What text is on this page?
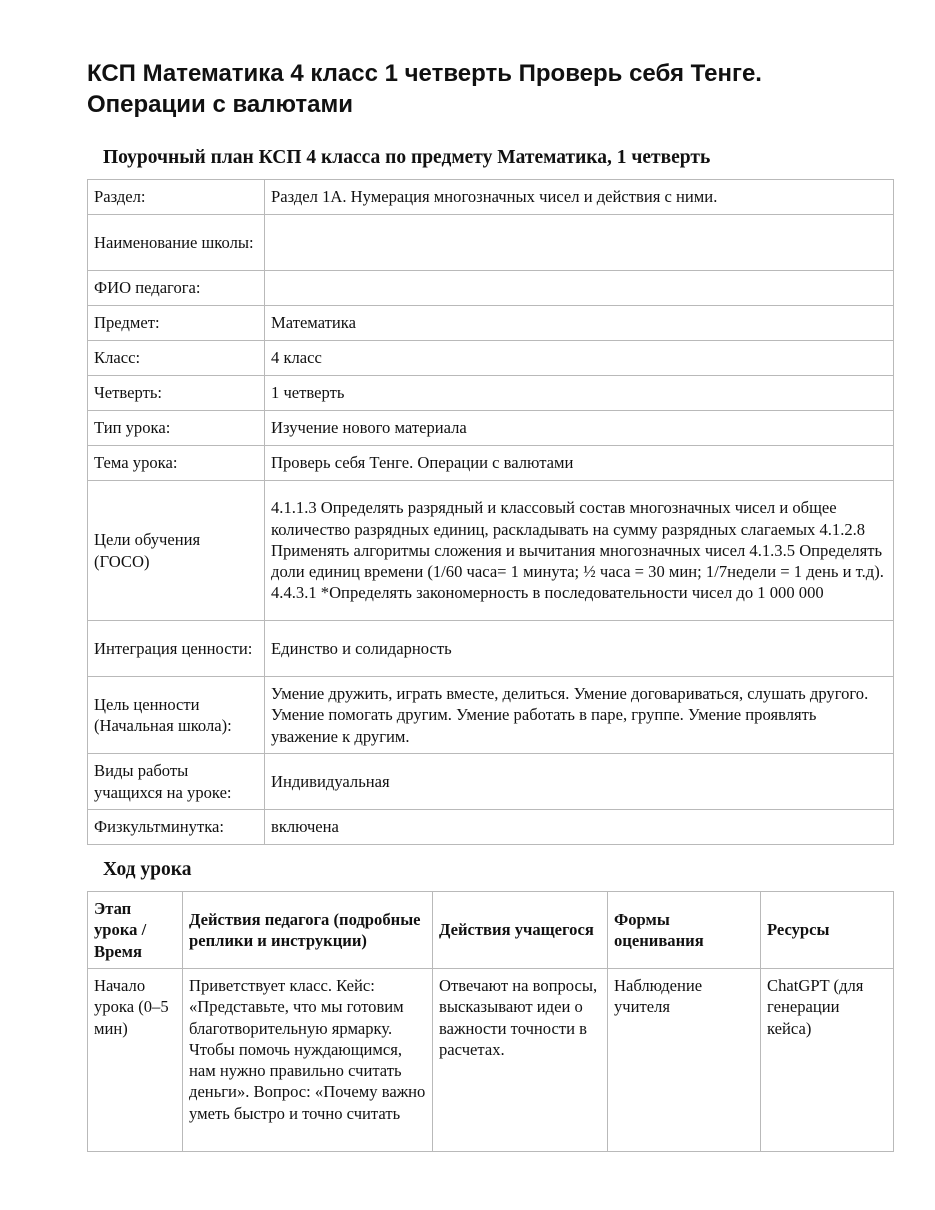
КСП Математика 4 класс 1 четверть Проверь себя Тенге. Операции с валютами
Поурочный план КСП 4 класса по предмету Математика, 1 четверть
Раздел:	Раздел 1А. Нумерация многозначных чисел и действия с ними.
Наименование школы:	
ФИО педагога:	
Предмет:	Математика
Класс:	4 класс
Четверть:	1 четверть
Тип урока:	Изучение нового материала
Тема урока:	Проверь себя Тенге. Операции с валютами
Цели обучения (ГОСО)	4.1.1.3 Определять разрядный и классовый состав многозначных чисел и общее количество разрядных единиц, раскладывать на сумму разрядных слагаемых 4.1.2.8 Применять алгоритмы сложения и вычитания многозначных чисел 4.1.3.5 Определять доли единиц времени (1/60 часа= 1 минута; ½ часа = 30 мин; 1/7недели = 1 день и т.д). 4.4.3.1 *Определять закономерность в последовательности чисел до 1 000 000
Интеграция ценности:	Единство и солидарность
Цель ценности (Начальная школа):	Умение дружить, играть вместе, делиться. Умение договариваться, слушать другого. Умение помогать другим. Умение работать в паре, группе. Умение проявлять уважение к другим.
Виды работы учащихся на уроке:	Индивидуальная
Физкультминутка:	включена
Ход урока
Этап урока / Время	Действия педагога (подробные реплики и инструкции)	Действия учащегося	Формы оценивания	Ресурсы
Начало урока (0–5 мин)	Приветствует класс. Кейс: «Представьте, что мы готовим благотворительную ярмарку. Чтобы помочь нуждающимся, нам нужно правильно считать деньги». Вопрос: «Почему важно уметь быстро и точно считать	Отвечают на вопросы, высказывают идеи о важности точности в расчетах.	Наблюдение учителя	ChatGPT (для генерации кейса)
